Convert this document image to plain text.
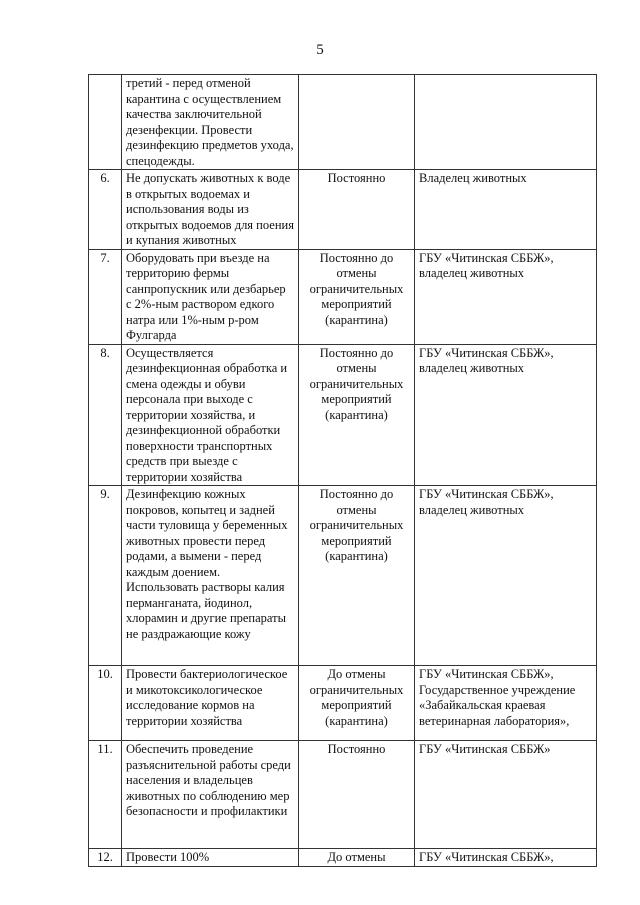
5
	третий - перед отменой карантина с осуществлением качества заключительной дезенфекции. Провести дезинфекцию предметов ухода, спецодежды.		
6.	Не допускать животных к воде в открытых водоемах и использования воды из открытых водоемов для поения и купания животных	Постоянно	Владелец животных
7.	Оборудовать при въезде на территорию фермы санпропускник или дезбарьер с 2%-ным раствором едкого натра или 1%-ным р-ром Фулгарда	Постоянно до отмены ограничительных мероприятий (карантина)	ГБУ «Читинская СББЖ», владелец животных
8.	Осуществляется дезинфекционная обработка и смена одежды и обуви персонала при выходе с территории хозяйства, и дезинфекционной обработки поверхности транспортных средств при выезде с территории хозяйства	Постоянно до отмены ограничительных мероприятий (карантина)	ГБУ «Читинская СББЖ», владелец животных
9.	Дезинфекцию кожных покровов, копытец и задней части туловища у беременных животных провести перед родами, а вымени - перед каждым доением. Использовать растворы калия перманганата, йодинол, хлорамин и другие препараты не раздражающие кожу	Постоянно до отмены ограничительных мероприятий (карантина)	ГБУ «Читинская СББЖ», владелец животных
10.	Провести бактериологическое и микотоксикологическое исследование кормов на территории хозяйства	До отмены ограничительных мероприятий (карантина)	ГБУ «Читинская СББЖ», Государственное учреждение «Забайкальская краевая ветеринарная лаборатория»,
11.	Обеспечить проведение разъяснительной работы среди населения и владельцев животных по соблюдению мер безопасности и профилактики	Постоянно	ГБУ «Читинская СББЖ»
12.	Провести 100%	До отмены	ГБУ «Читинская СББЖ»,
